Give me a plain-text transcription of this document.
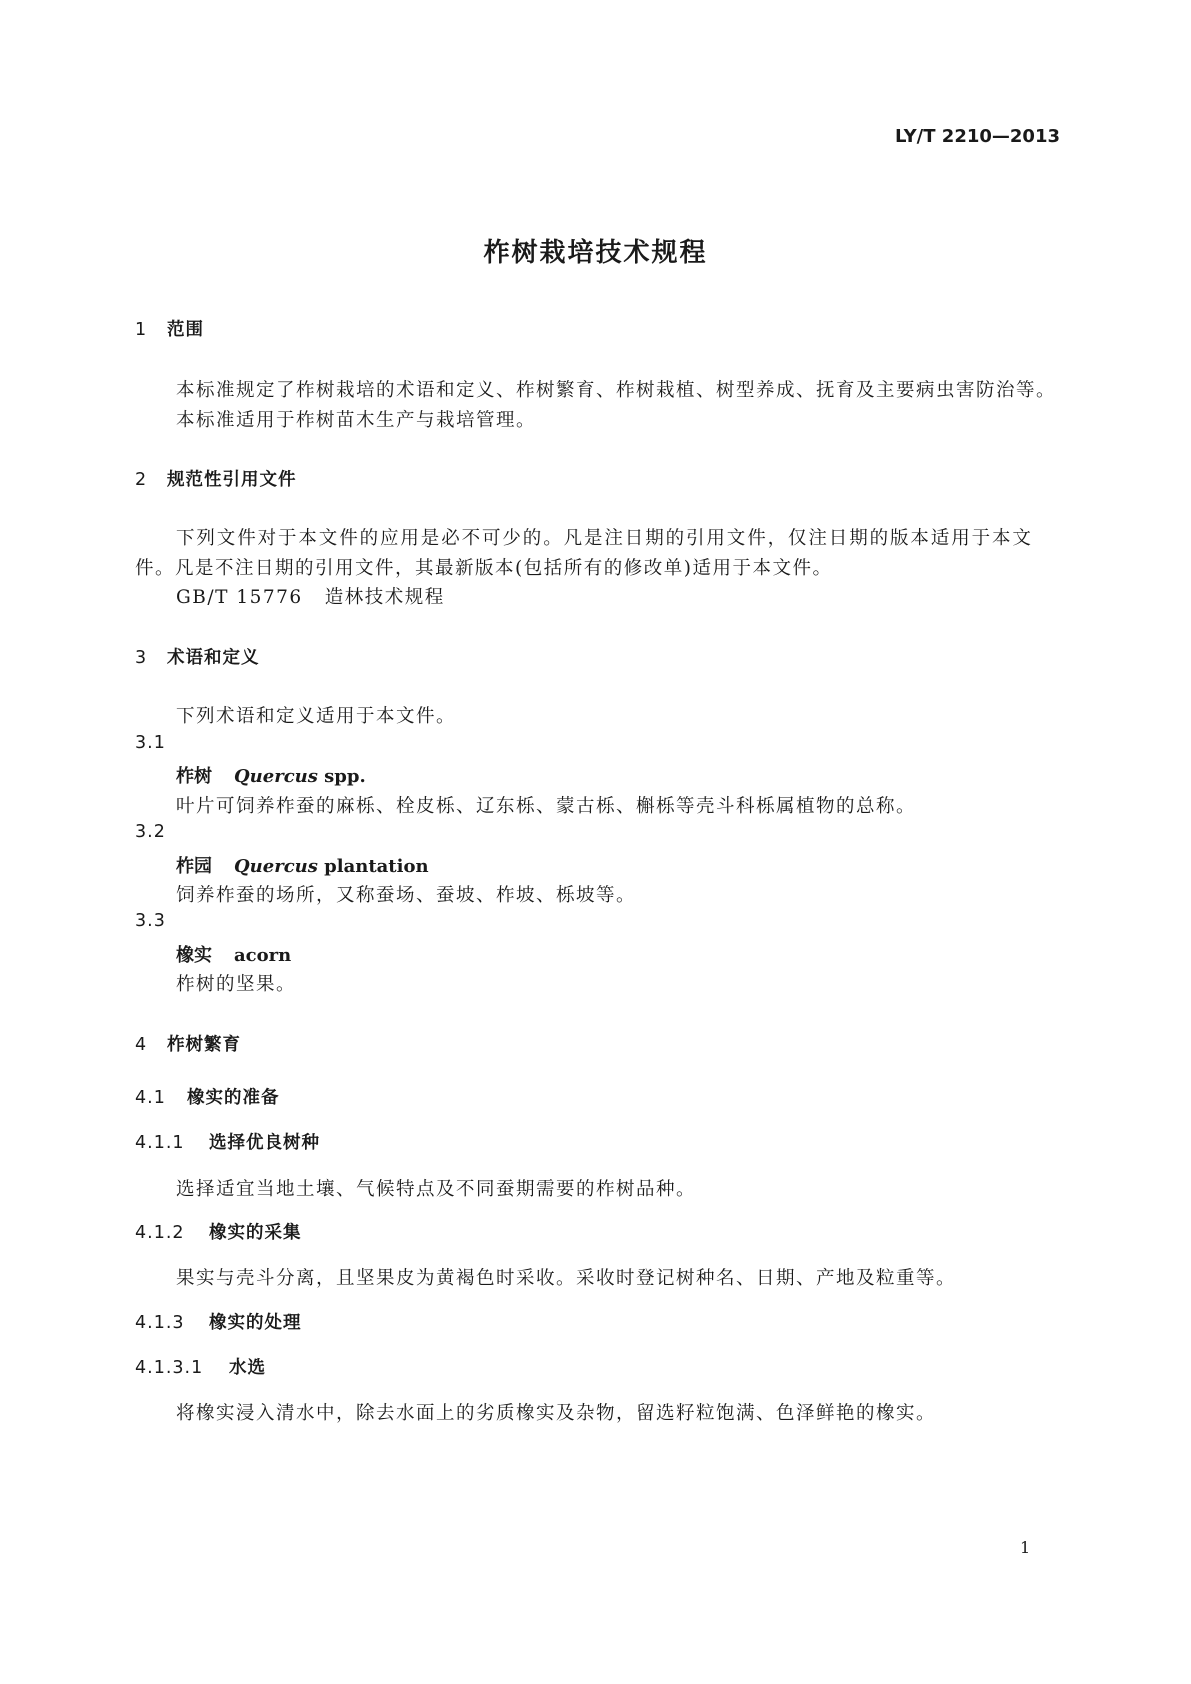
LY/T 2210—2013
柞树栽培技术规程
1 范围
本标准规定了柞树栽培的术语和定义、柞树繁育、柞树栽植、树型养成、抚育及主要病虫害防治等。
本标准适用于柞树苗木生产与栽培管理。
2 规范性引用文件
下列文件对于本文件的应用是必不可少的。凡是注日期的引用文件，仅注日期的版本适用于本文
件。凡是不注日期的引用文件，其最新版本(包括所有的修改单)适用于本文件。
GB/T 15776 造林技术规程
3 术语和定义
下列术语和定义适用于本文件。
3.1
柞树 Quercus spp.
叶片可饲养柞蚕的麻栎、栓皮栎、辽东栎、蒙古栎、槲栎等壳斗科栎属植物的总称。
3.2
柞园 Quercus plantation
饲养柞蚕的场所，又称蚕场、蚕坡、柞坡、栎坡等。
3.3
橡实 acorn
柞树的坚果。
4 柞树繁育
4.1 橡实的准备
4.1.1 选择优良树种
选择适宜当地土壤、气候特点及不同蚕期需要的柞树品种。
4.1.2 橡实的采集
果实与壳斗分离，且坚果皮为黄褐色时采收。采收时登记树种名、日期、产地及粒重等。
4.1.3 橡实的处理
4.1.3.1 水选
将橡实浸入清水中，除去水面上的劣质橡实及杂物，留选籽粒饱满、色泽鲜艳的橡实。
1
